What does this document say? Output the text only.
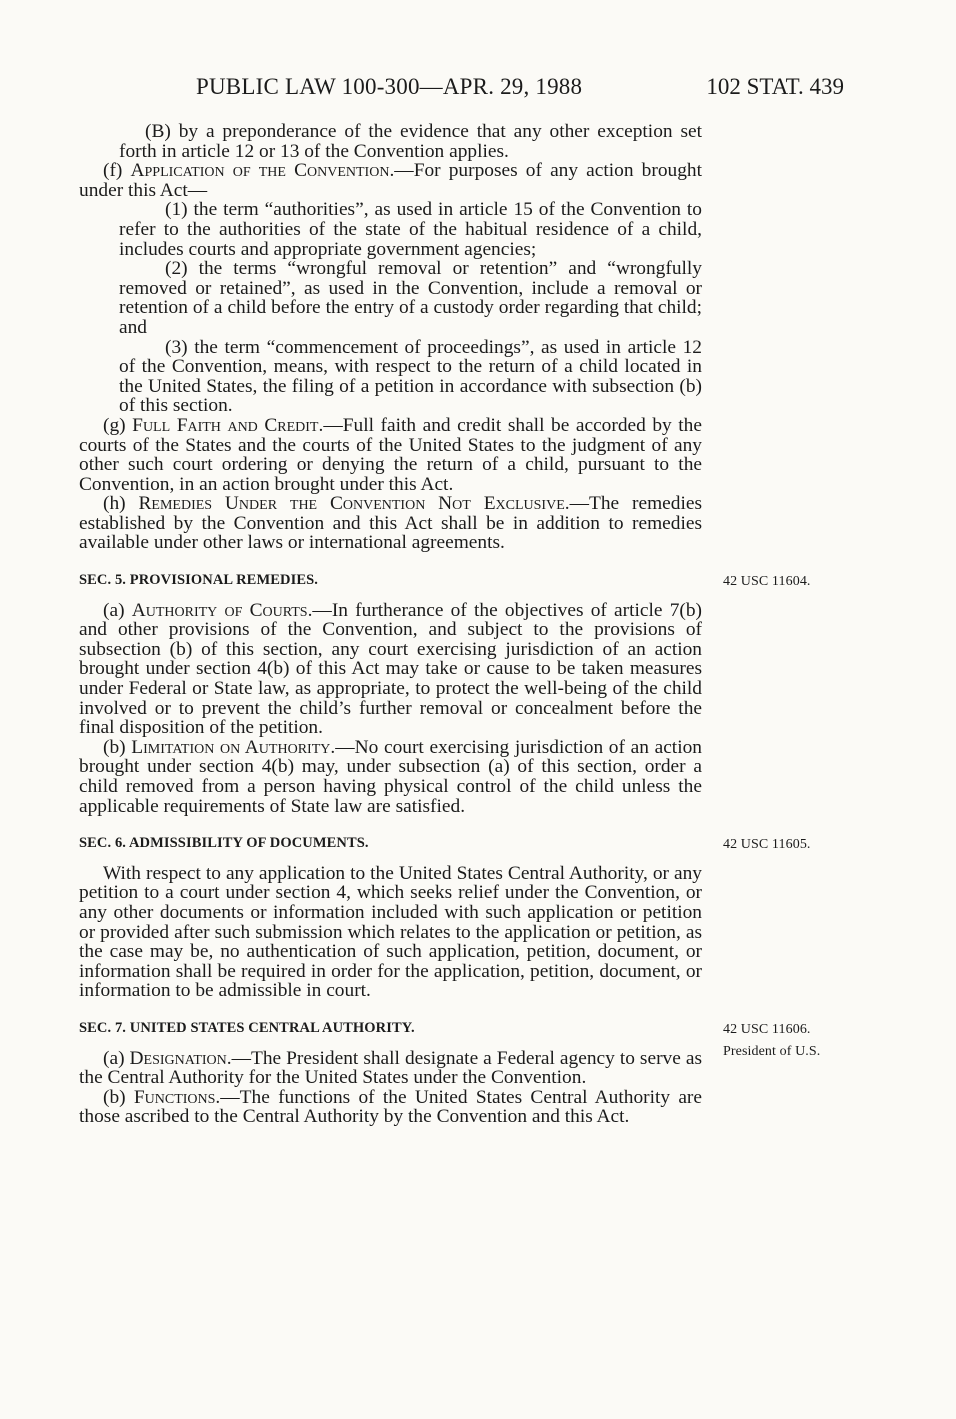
PUBLIC LAW 100-300—APR. 29, 1988	102 STAT. 439

(B) by a preponderance of the evidence that any other exception set forth in article 12 or 13 of the Convention applies.

(f) Application of the Convention.—For purposes of any action brought under this Act—

(1) the term “authorities”, as used in article 15 of the Convention to refer to the authorities of the state of the habitual residence of a child, includes courts and appropriate government agencies;

(2) the terms “wrongful removal or retention” and “wrongfully removed or retained”, as used in the Convention, include a removal or retention of a child before the entry of a custody order regarding that child; and

(3) the term “commencement of proceedings”, as used in article 12 of the Convention, means, with respect to the return of a child located in the United States, the filing of a petition in accordance with subsection (b) of this section.

(g) Full Faith and Credit.—Full faith and credit shall be accorded by the courts of the States and the courts of the United States to the judgment of any other such court ordering or denying the return of a child, pursuant to the Convention, in an action brought under this Act.

(h) Remedies Under the Convention Not Exclusive.—The remedies established by the Convention and this Act shall be in addition to remedies available under other laws or international agreements.

SEC. 5. PROVISIONAL REMEDIES.	42 USC 11604.

(a) Authority of Courts.—In furtherance of the objectives of article 7(b) and other provisions of the Convention, and subject to the provisions of subsection (b) of this section, any court exercising jurisdiction of an action brought under section 4(b) of this Act may take or cause to be taken measures under Federal or State law, as appropriate, to protect the well-being of the child involved or to prevent the child’s further removal or concealment before the final disposition of the petition.

(b) Limitation on Authority.—No court exercising jurisdiction of an action brought under section 4(b) may, under subsection (a) of this section, order a child removed from a person having physical control of the child unless the applicable requirements of State law are satisfied.

SEC. 6. ADMISSIBILITY OF DOCUMENTS.	42 USC 11605.

With respect to any application to the United States Central Authority, or any petition to a court under section 4, which seeks relief under the Convention, or any other documents or information included with such application or petition or provided after such submission which relates to the application or petition, as the case may be, no authentication of such application, petition, document, or information shall be required in order for the application, petition, document, or information to be admissible in court.

SEC. 7. UNITED STATES CENTRAL AUTHORITY.	42 USC 11606.
President of U.S.

(a) Designation.—The President shall designate a Federal agency to serve as the Central Authority for the United States under the Convention.

(b) Functions.—The functions of the United States Central Authority are those ascribed to the Central Authority by the Convention and this Act.
